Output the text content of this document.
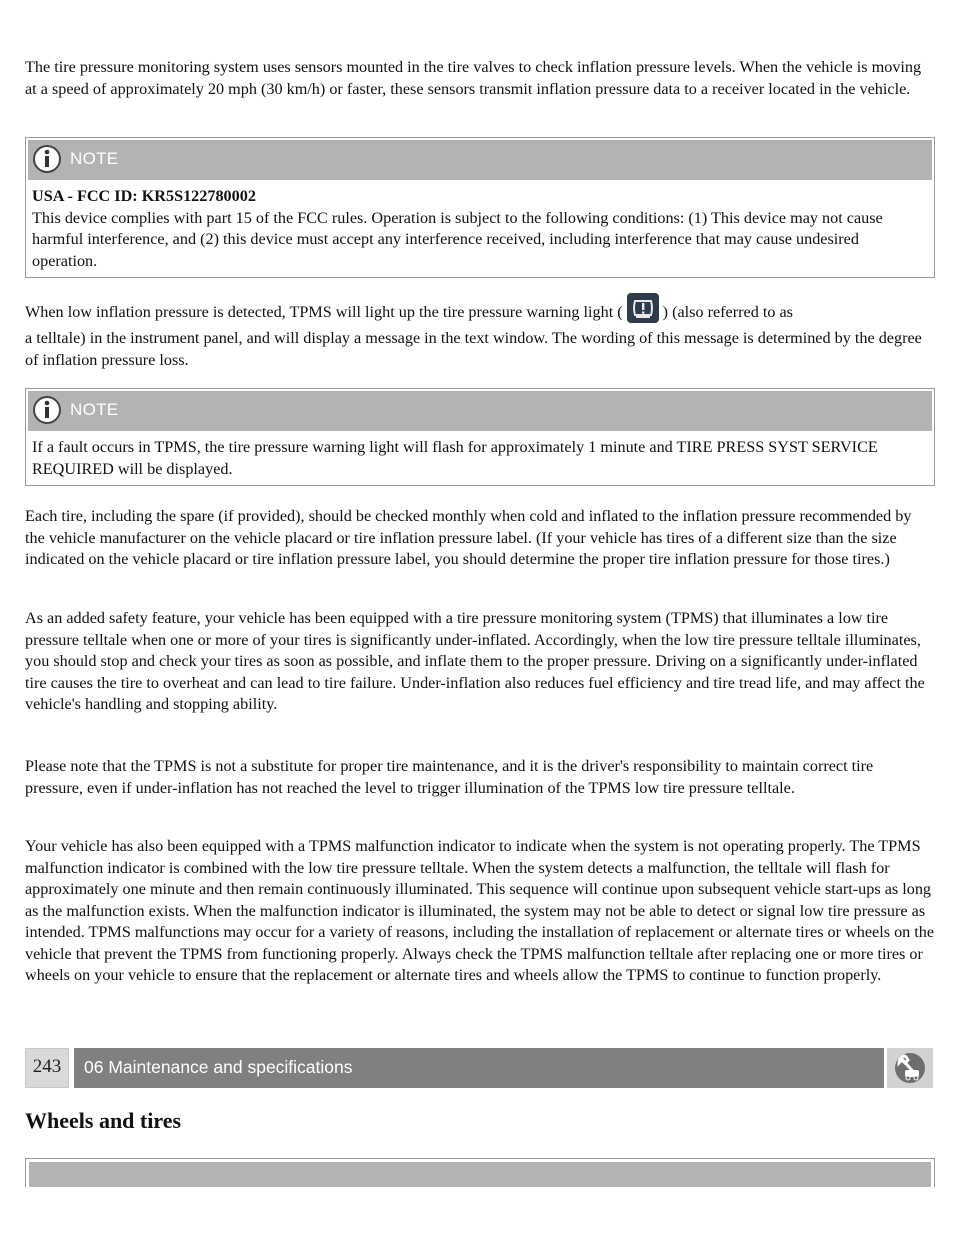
The tire pressure monitoring system uses sensors mounted in the tire valves to check inflation pressure levels. When the vehicle is moving at a speed of approximately 20 mph (30 km/h) or faster, these sensors transmit inflation pressure data to a receiver located in the vehicle.

NOTE

USA - FCC ID: KR5S122780002

This device complies with part 15 of the FCC rules. Operation is subject to the following conditions: (1) This device may not cause harmful interference, and (2) this device must accept any interference received, including interference that may cause undesired operation.

When low inflation pressure is detected, TPMS will light up the tire pressure warning light ( ) (also referred to as

a telltale) in the instrument panel, and will display a message in the text window. The wording of this message is determined by the degree of inflation pressure loss.

NOTE

If a fault occurs in TPMS, the tire pressure warning light will flash for approximately 1 minute and TIRE PRESS SYST SERVICE REQUIRED will be displayed.

Each tire, including the spare (if provided), should be checked monthly when cold and inflated to the inflation pressure recommended by the vehicle manufacturer on the vehicle placard or tire inflation pressure label. (If your vehicle has tires of a different size than the size indicated on the vehicle placard or tire inflation pressure label, you should determine the proper tire inflation pressure for those tires.)

As an added safety feature, your vehicle has been equipped with a tire pressure monitoring system (TPMS) that illuminates a low tire pressure telltale when one or more of your tires is significantly under-inflated. Accordingly, when the low tire pressure telltale illuminates, you should stop and check your tires as soon as possible, and inflate them to the proper pressure. Driving on a significantly under-inflated tire causes the tire to overheat and can lead to tire failure. Under-inflation also reduces fuel efficiency and tire tread life, and may affect the vehicle's handling and stopping ability.

Please note that the TPMS is not a substitute for proper tire maintenance, and it is the driver's responsibility to maintain correct tire pressure, even if under-inflation has not reached the level to trigger illumination of the TPMS low tire pressure telltale.

Your vehicle has also been equipped with a TPMS malfunction indicator to indicate when the system is not operating properly. The TPMS malfunction indicator is combined with the low tire pressure telltale. When the system detects a malfunction, the telltale will flash for approximately one minute and then remain continuously illuminated. This sequence will continue upon subsequent vehicle start-ups as long as the malfunction exists. When the malfunction indicator is illuminated, the system may not be able to detect or signal low tire pressure as intended. TPMS malfunctions may occur for a variety of reasons, including the installation of replacement or alternate tires or wheels on the vehicle that prevent the TPMS from functioning properly. Always check the TPMS malfunction telltale after replacing one or more tires or wheels on your vehicle to ensure that the replacement or alternate tires and wheels allow the TPMS to continue to function properly.

243	06 Maintenance and specifications
Wheels and tires
